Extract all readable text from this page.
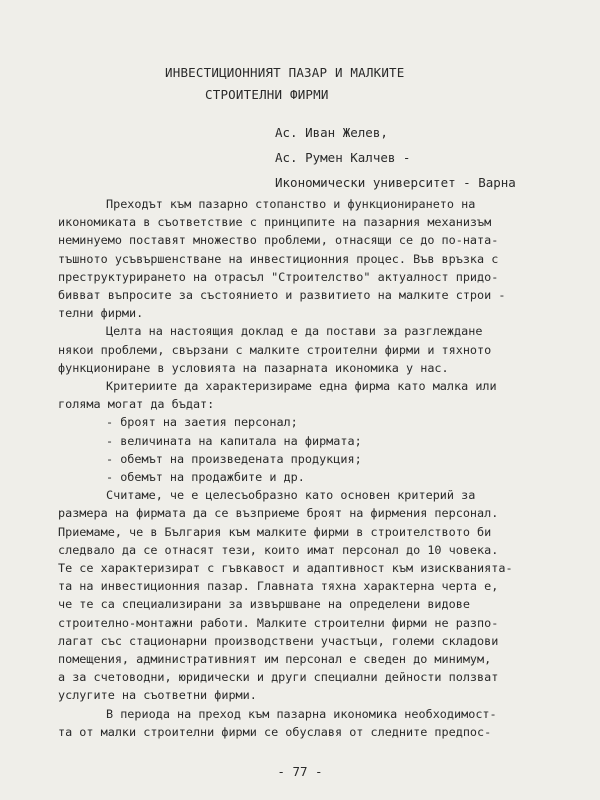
ИНВЕСТИЦИОННИЯТ ПАЗАР И МАЛКИТЕ
СТРОИТЕЛНИ ФИРМИ
Ас. Иван Желев,
Ас. Румен Калчев -
Икономически университет - Варна
Преходът към пазарно стопанство и функционирането на
икономиката в съответствие с принципите на пазарния механизъм
неминуемо поставят множество проблеми, отнасящи се до по-ната-
тъшното усъвършенстване на инвестиционния процес. Във връзка с
преструктурирането на отрасъл "Строителство" актуалност придо-
бивват въпросите за състоянието и развитието на малките строи -
телни фирми.
Целта на настоящия доклад е да постави за разглеждане
някои проблеми, свързани с малките строителни фирми и тяхното
функциониране в условията на пазарната икономика у нас.
Критериите да характеризираме една фирма като малка или
голяма могат да бъдат:
- броят на заетия персонал;
- величината на капитала на фирмата;
- обемът на произведената продукция;
- обемът на продажбите и др.
Считаме, че е целесъобразно като основен критерий за
размера на фирмата да се възприеме броят на фирмения персонал.
Приемаме, че в България към малките фирми в строителството би
следвало да се отнасят тези, които имат персонал до 10 човека.
Те се характеризират с гъвкавост и адаптивност към изискванията-
та на инвестиционния пазар. Главната тяхна характерна черта е,
че те са специализирани за извършване на определени видове
строително-монтажни работи. Малките строителни фирми не разпо-
лагат със стационарни производствени участъци, големи складови
помещения, административният им персонал е сведен до минимум,
а за счетоводни, юридически и други специални дейности ползват
услугите на съответни фирми.
В периода на преход към пазарна икономика необходимост-
та от малки строителни фирми се обуславя от следните предпос-
- 77 -
